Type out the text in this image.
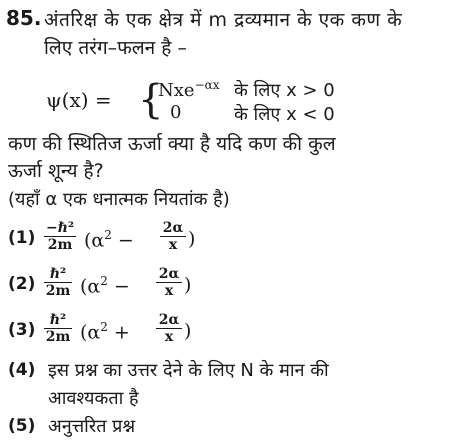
85. अंतरिक्ष के एक क्षेत्र में m द्रव्यमान के एक कण के
लिए तरंग–फलन है –
ψ(x) = {
Nxe$^{-\alpha x}$
0
के लिए x > 0
के लिए x < 0
कण की स्थितिज ऊर्जा क्या है यदि कण की कुल
ऊर्जा शून्य है?
(यहाँ α एक धनात्मक नियतांक है)
(1) −ℏ²
2m ($\alpha^2$ −
2α
x )
(2)	ℏ²
2m ($\alpha^2$ −
2α
x )
(3)	ℏ²
2m ($\alpha^2$ +
2α
x )
(4) इस प्रश्न का उत्तर देने के लिए N के मान की
आवश्यकता है
(5) अनुत्तरित प्रश्न
